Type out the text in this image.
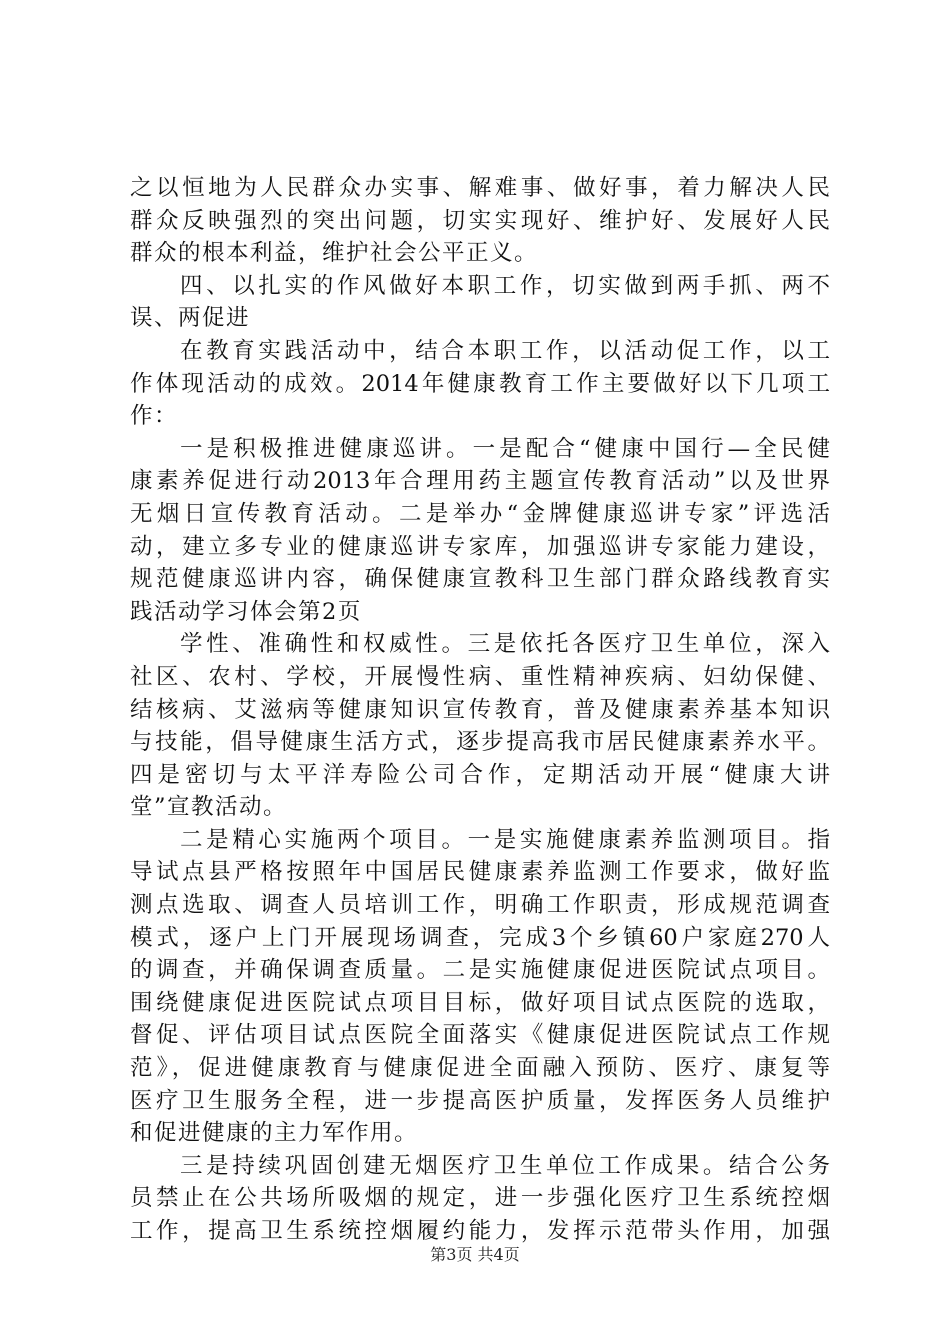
之以恒地为人民群众办实事、解难事、做好事，着力解决人民
群众反映强烈的突出问题，切实实现好、维护好、发展好人民
群众的根本利益，维护社会公平正义。
四、以扎实的作风做好本职工作，切实做到两手抓、两不
误、两促进
在教育实践活动中，结合本职工作，以活动促工作，以工
作体现活动的成效。2014年健康教育工作主要做好以下几项工
作：
一是积极推进健康巡讲。一是配合“健康中国行—全民健
康素养促进行动2013年合理用药主题宣传教育活动”以及世界
无烟日宣传教育活动。二是举办“金牌健康巡讲专家”评选活
动，建立多专业的健康巡讲专家库，加强巡讲专家能力建设，
规范健康巡讲内容，确保健康宣教科卫生部门群众路线教育实
践活动学习体会第2页
学性、准确性和权威性。三是依托各医疗卫生单位，深入
社区、农村、学校，开展慢性病、重性精神疾病、妇幼保健、
结核病、艾滋病等健康知识宣传教育，普及健康素养基本知识
与技能，倡导健康生活方式，逐步提高我市居民健康素养水平。
四是密切与太平洋寿险公司合作，定期活动开展“健康大讲
堂”宣教活动。
二是精心实施两个项目。一是实施健康素养监测项目。指
导试点县严格按照年中国居民健康素养监测工作要求，做好监
测点选取、调查人员培训工作，明确工作职责，形成规范调查
模式，逐户上门开展现场调查，完成3个乡镇60户家庭270人
的调查，并确保调查质量。二是实施健康促进医院试点项目。
围绕健康促进医院试点项目目标，做好项目试点医院的选取，
督促、评估项目试点医院全面落实《健康促进医院试点工作规
范》，促进健康教育与健康促进全面融入预防、医疗、康复等
医疗卫生服务全程，进一步提高医护质量，发挥医务人员维护
和促进健康的主力军作用。
三是持续巩固创建无烟医疗卫生单位工作成果。结合公务
员禁止在公共场所吸烟的规定，进一步强化医疗卫生系统控烟
工作，提高卫生系统控烟履约能力，发挥示范带头作用，加强
第3页 共4页
